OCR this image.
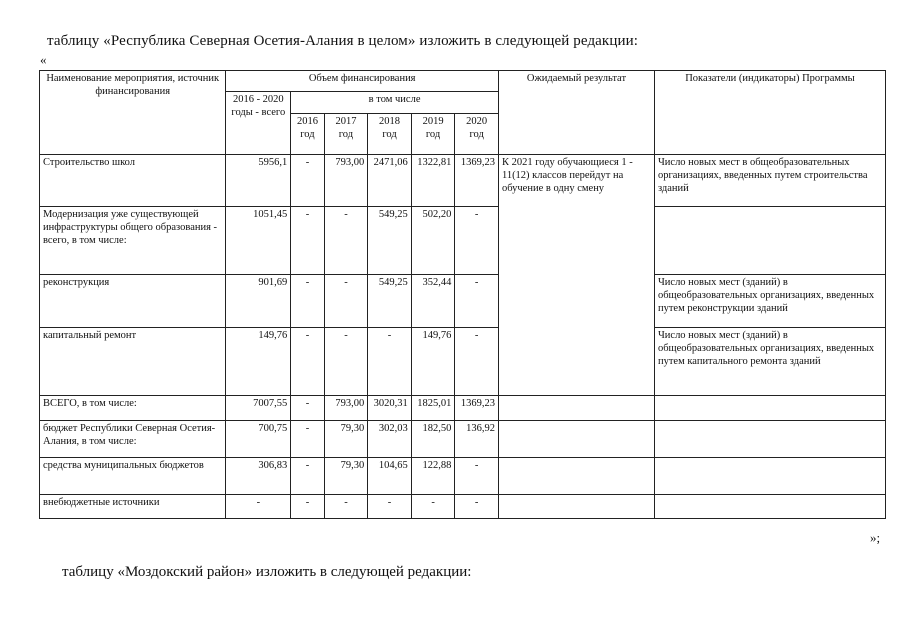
таблицу «Республика Северная Осетия-Алания в целом» изложить в следующей редакции:
«
Наименование мероприятия, источник финансирования	Объем финансирования						Ожидаемый результат	Показатели (индикаторы) Программы
	2016 - 2020 годы - всего	в том числе						
		2016 год	2017 год	2018 год	2019 год	2020 год		
Строительство школ	5956,1	-	793,00	2471,06	1322,81	1369,23	К 2021 году обучающиеся 1 - 11(12) классов перейдут на обучение в одну смену	Число новых мест в общеобразовательных организациях, введенных путем строительства зданий
Модернизация уже существующей инфраструктуры общего образования - всего, в том числе:	1051,45	-	-	549,25	502,20	-		
реконструкция	901,69	-	-	549,25	352,44	-		Число новых мест (зданий) в общеобразовательных организациях, введенных путем реконструкции зданий
капитальный ремонт	149,76	-	-	-	149,76	-		Число новых мест (зданий) в общеобразовательных организациях, введенных путем капитального ремонта зданий
ВСЕГО, в том числе:	7007,55	-	793,00	3020,31	1825,01	1369,23		
бюджет Республики Северная Осетия-Алания, в том числе:	700,75	-	79,30	302,03	182,50	136,92		
средства муниципальных бюджетов	306,83	-	79,30	104,65	122,88	-		
внебюджетные источники	-	-	-	-	-	-		
»;
таблицу «Моздокский район» изложить в следующей редакции:
